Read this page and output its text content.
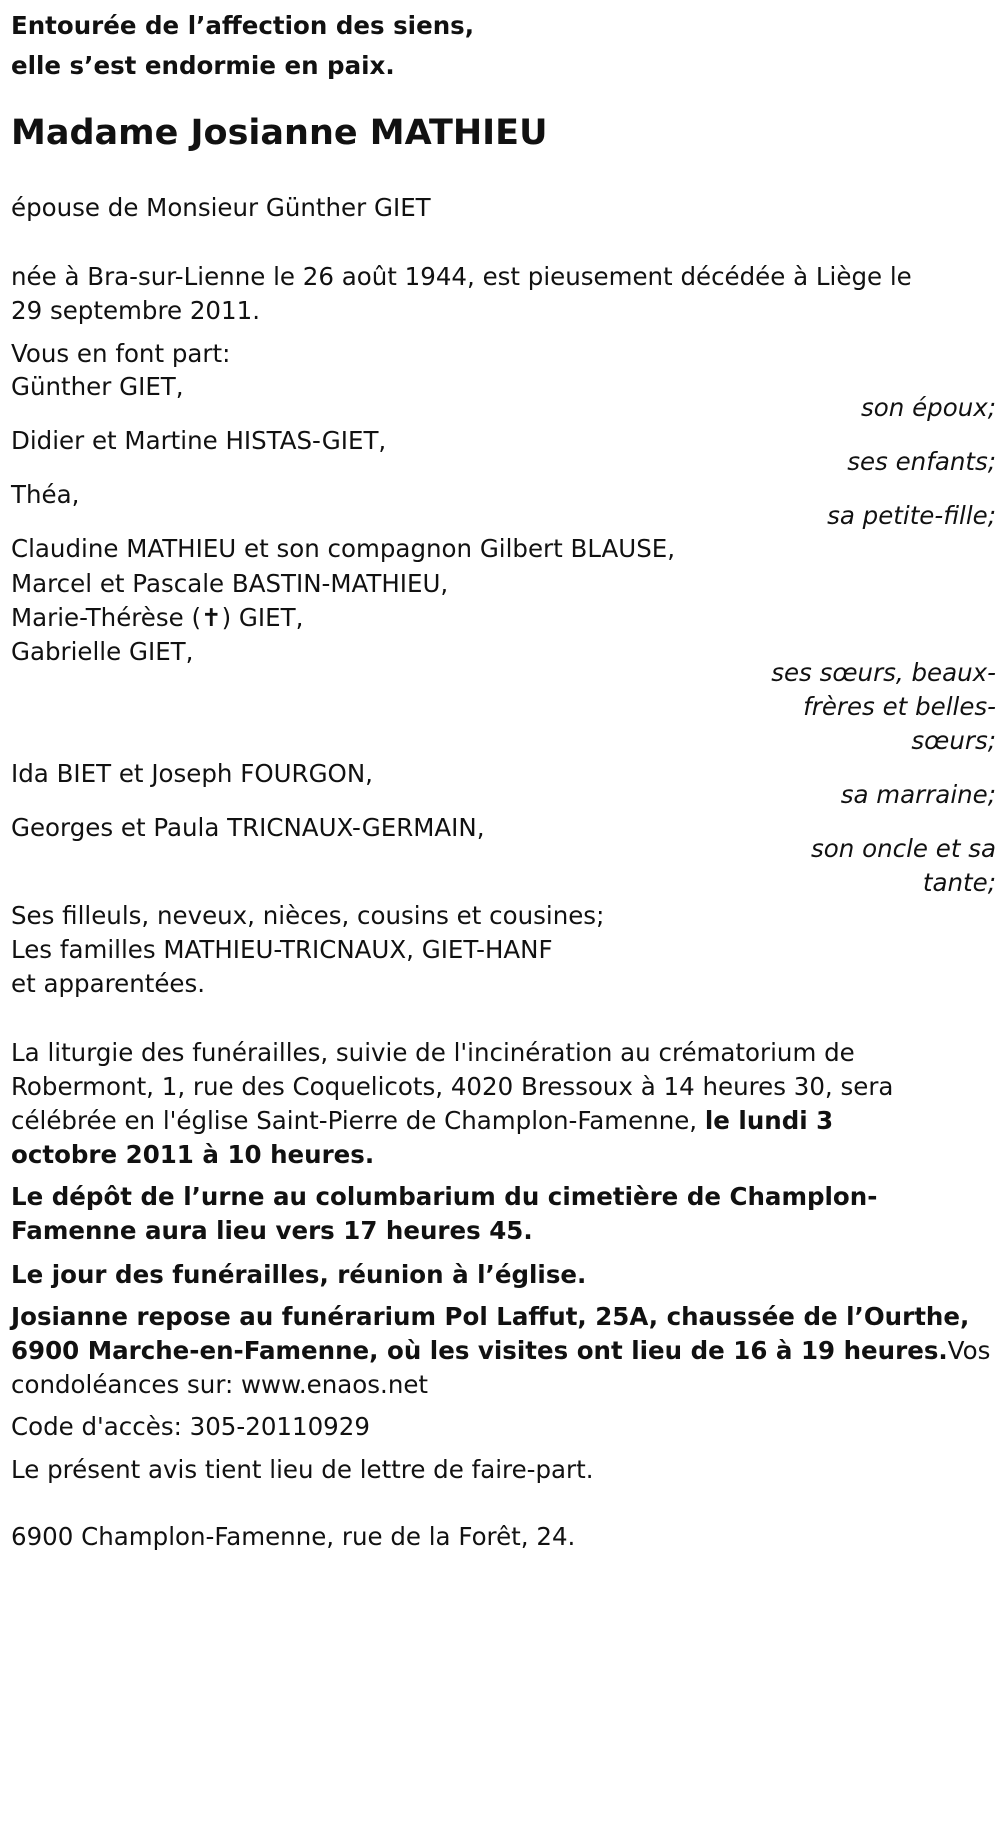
Entourée de l’affection des siens,
elle s’est endormie en paix.
Madame Josianne MATHIEU
épouse de Monsieur Günther GIET
née à Bra-sur-Lienne le 26 août 1944, est pieusement décédée à Liège le
29 septembre 2011.
Vous en font part:
Günther GIET,
son époux;
Didier et Martine HISTAS-GIET,
ses enfants;
Théa,
sa petite-fille;
Claudine MATHIEU et son compagnon Gilbert BLAUSE,
Marcel et Pascale BASTIN-MATHIEU,
Marie-Thérèse (✝) GIET,
Gabrielle GIET,
ses sœurs, beaux-
frères et belles-
sœurs;
Ida BIET et Joseph FOURGON,
sa marraine;
Georges et Paula TRICNAUX-GERMAIN,
son oncle et sa
tante;
Ses filleuls, neveux, nièces, cousins et cousines;
Les familles MATHIEU-TRICNAUX, GIET-HANF
et apparentées.
La liturgie des funérailles, suivie de l'incinération au crématorium de
Robermont, 1, rue des Coquelicots, 4020 Bressoux à 14 heures 30, sera
célébrée en l'église Saint-Pierre de Champlon-Famenne, le lundi 3
octobre 2011 à 10 heures.
Le dépôt de l’urne au columbarium du cimetière de Champlon-
Famenne aura lieu vers 17 heures 45.
Le jour des funérailles, réunion à l’église.
Josianne repose au funérarium Pol Laffut, 25A, chaussée de l’Ourthe,
6900 Marche-en-Famenne, où les visites ont lieu de 16 à 19 heures.Vos
condoléances sur: www.enaos.net
Code d'accès: 305-20110929
Le présent avis tient lieu de lettre de faire-part.
6900 Champlon-Famenne, rue de la Forêt, 24.
